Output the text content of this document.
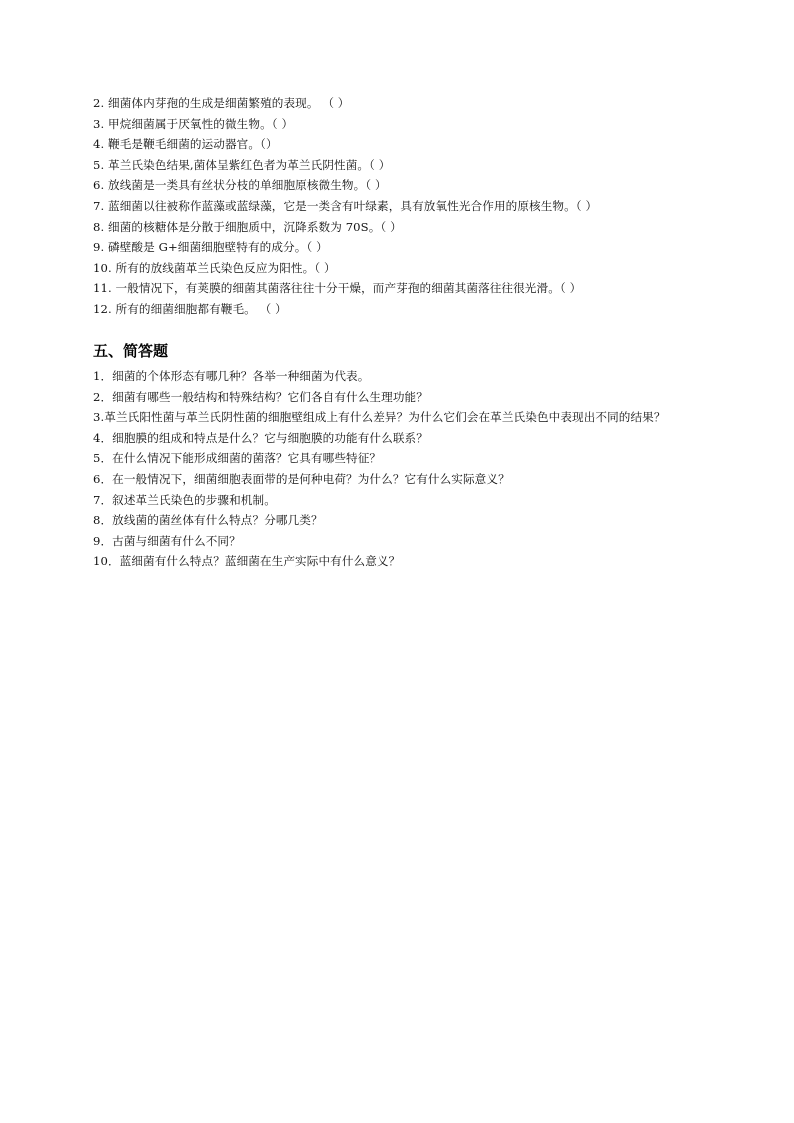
2. 细菌体内芽孢的生成是细菌繁殖的表现。 （ ）
3. 甲烷细菌属于厌氧性的微生物。（ ）
4. 鞭毛是鞭毛细菌的运动器官。（）
5. 革兰氏染色结果,菌体呈紫红色者为革兰氏阴性菌。（ ）
6. 放线菌是一类具有丝状分枝的单细胞原核微生物。（ ）
7. 蓝细菌以往被称作蓝藻或蓝绿藻，它是一类含有叶绿素，具有放氧性光合作用的原核生物。（ ）
8. 细菌的核糖体是分散于细胞质中，沉降系数为 70S。（ ）
9. 磷壁酸是 G+细菌细胞壁特有的成分。（ ）
10. 所有的放线菌革兰氏染色反应为阳性。（ ）
11. 一般情况下，有荚膜的细菌其菌落往往十分干燥，而产芽孢的细菌其菌落往往很光滑。（ ）
12. 所有的细菌细胞都有鞭毛。 （ ）
五、简答题
1．细菌的个体形态有哪几种？各举一种细菌为代表。
2．细菌有哪些一般结构和特殊结构？它们各自有什么生理功能？
3.革兰氏阳性菌与革兰氏阴性菌的细胞壁组成上有什么差异？为什么它们会在革兰氏染色中表现出不同的结果？
4．细胞膜的组成和特点是什么？它与细胞膜的功能有什么联系？
5．在什么情况下能形成细菌的菌落？它具有哪些特征？
6．在一般情况下，细菌细胞表面带的是何种电荷？为什么？它有什么实际意义？
7．叙述革兰氏染色的步骤和机制。
8．放线菌的菌丝体有什么特点？分哪几类？
9．古菌与细菌有什么不同？
10．蓝细菌有什么特点？蓝细菌在生产实际中有什么意义？
